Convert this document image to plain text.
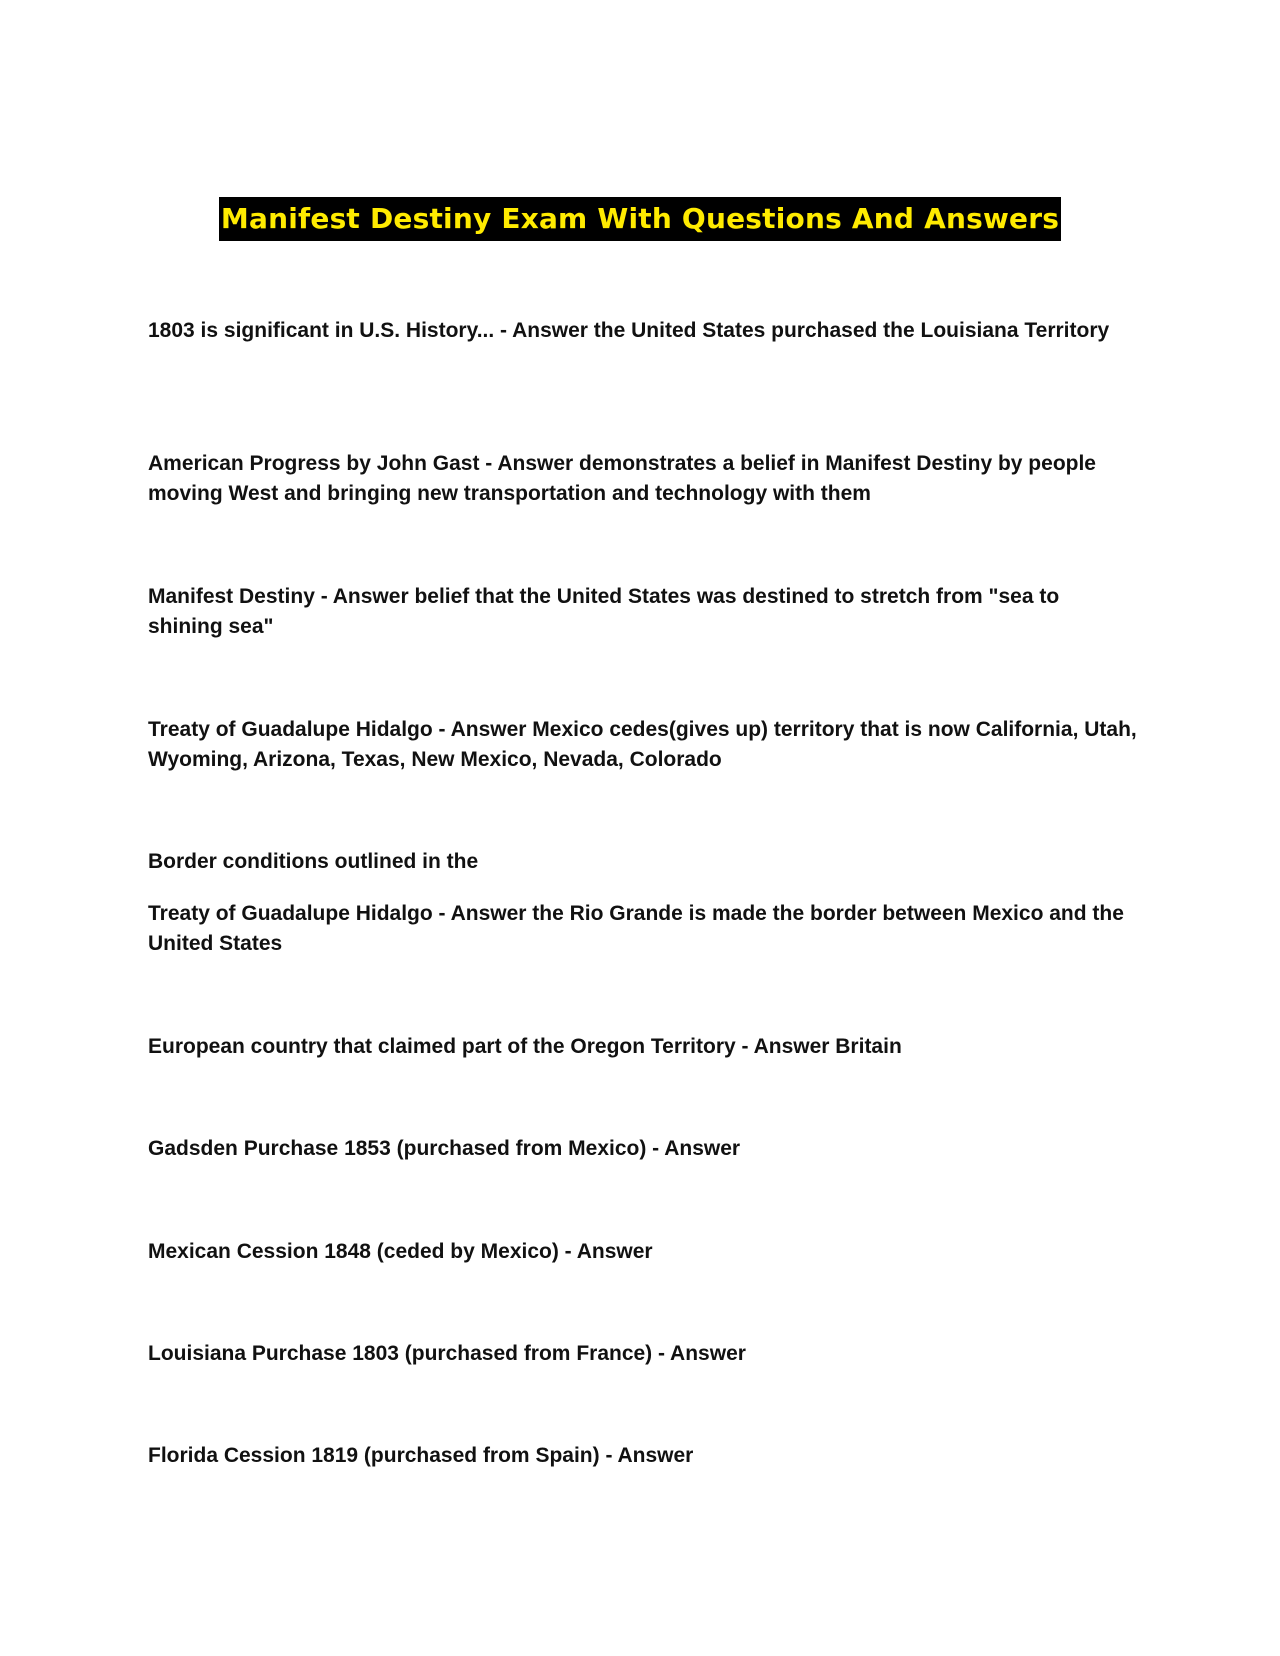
Manifest Destiny Exam With Questions And Answers

1803 is significant in U.S. History... - Answer the United States purchased the Louisiana Territory

American Progress by John Gast - Answer demonstrates a belief in Manifest Destiny by people moving West and bringing new transportation and technology with them

Manifest Destiny - Answer belief that the United States was destined to stretch from "sea to shining sea"

Treaty of Guadalupe Hidalgo - Answer Mexico cedes(gives up) territory that is now California, Utah, Wyoming, Arizona, Texas, New Mexico, Nevada, Colorado

Border conditions outlined in the

Treaty of Guadalupe Hidalgo - Answer the Rio Grande is made the border between Mexico and the United States

European country that claimed part of the Oregon Territory - Answer Britain

Gadsden Purchase 1853 (purchased from Mexico) - Answer

Mexican Cession 1848 (ceded by Mexico) - Answer

Louisiana Purchase 1803 (purchased from France) - Answer

Florida Cession 1819 (purchased from Spain) - Answer
